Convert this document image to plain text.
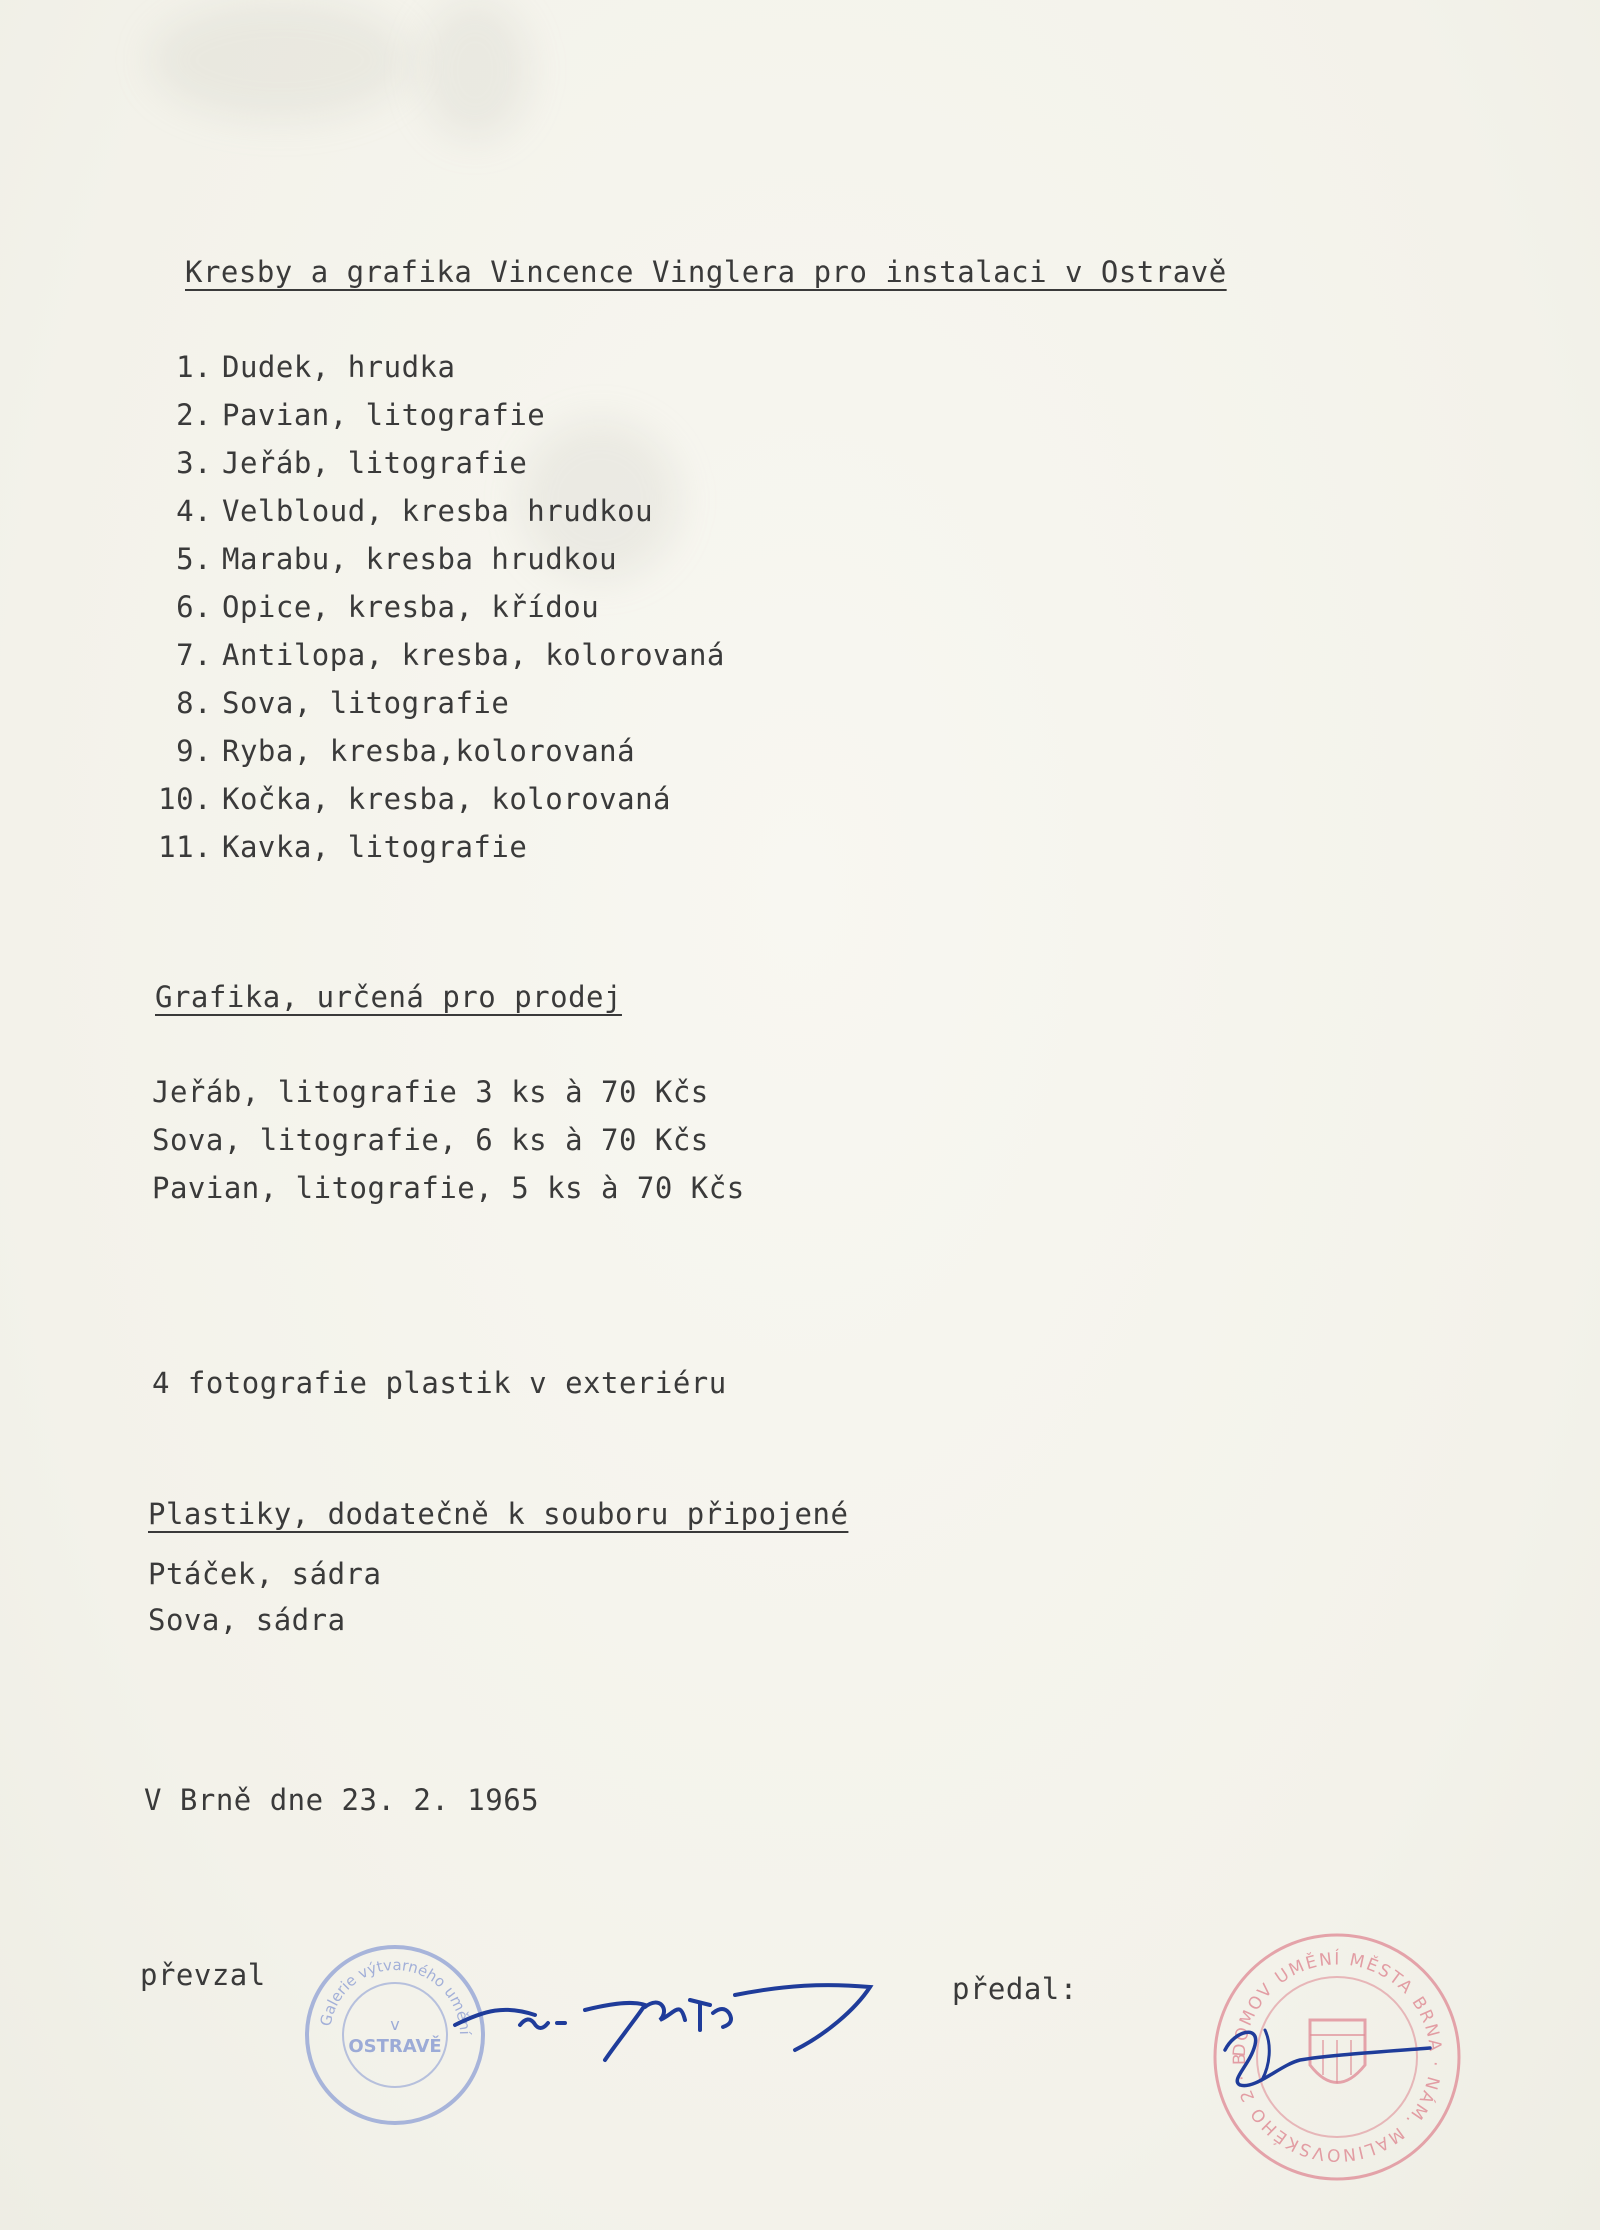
Kresby a grafika Vincence Vinglera pro instalaci v Ostravě

1. Dudek, hrudka

2. Pavian, litografie

3. Jeřáb, litografie

4. Velbloud, kresba hrudkou

5. Marabu, kresba hrudkou

6. Opice, kresba, křídou

7. Antilopa, kresba, kolorovaná

8. Sova, litografie

9. Ryba, kresba,kolorovaná

10. Kočka, kresba, kolorovaná

11. Kavka, litografie

Grafika, určená pro prodej

Jeřáb, litografie 3 ks à 70 Kčs

Sova, litografie, 6 ks à 70 Kčs

Pavian, litografie, 5 ks à 70 Kčs

4 fotografie plastik v exteriéru

Plastiky, dodatečně k souboru připojené

Ptáček, sádra

Sova, sádra

V Brně dne 23. 2. 1965

převzal	předal:

Galerie výtvarného umění
v
OSTRAVĚ	DOMOV UMĚNÍ MĚSTA BRNA · NÁM. MALINOVSKÉHO 2 · B
